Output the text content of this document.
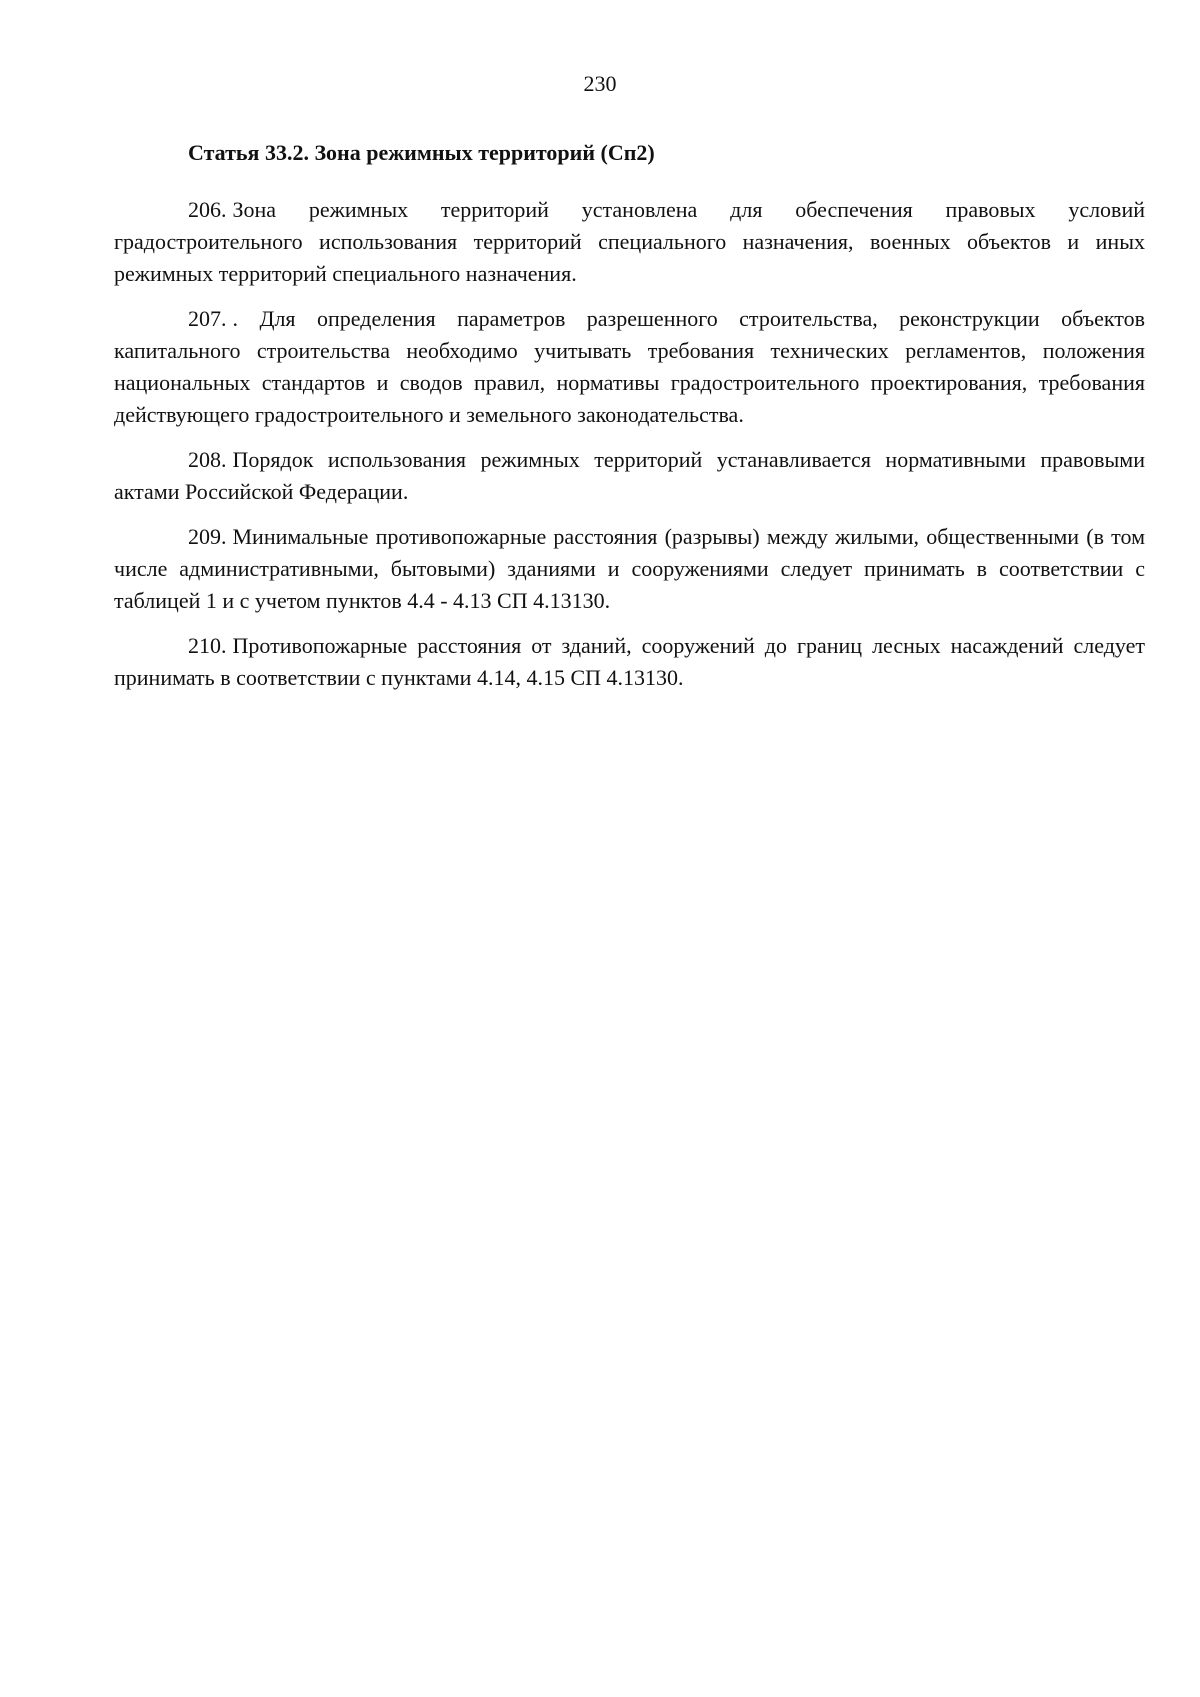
230
Статья 33.2. Зона режимных территорий (Сп2)

206. Зона режимных территорий установлена для обеспечения правовых условий градостроительного использования территорий специального назначения, военных объектов и иных режимных территорий специального назначения.

207. . Для определения параметров разрешенного строительства, реконструкции объектов капитального строительства необходимо учитывать требования технических регламентов, положения национальных стандартов и сводов правил, нормативы градостроительного проектирования, требования действующего градостроительного и земельного законодательства.

208. Порядок использования режимных территорий устанавливается нормативными правовыми актами Российской Федерации.

209. Минимальные противопожарные расстояния (разрывы) между жилыми, общественными (в том числе административными, бытовыми) зданиями и сооружениями следует принимать в соответствии с таблицей 1 и с учетом пунктов 4.4 - 4.13 СП 4.13130.

210. Противопожарные расстояния от зданий, сооружений до границ лесных насаждений следует принимать в соответствии с пунктами 4.14, 4.15 СП 4.13130.
